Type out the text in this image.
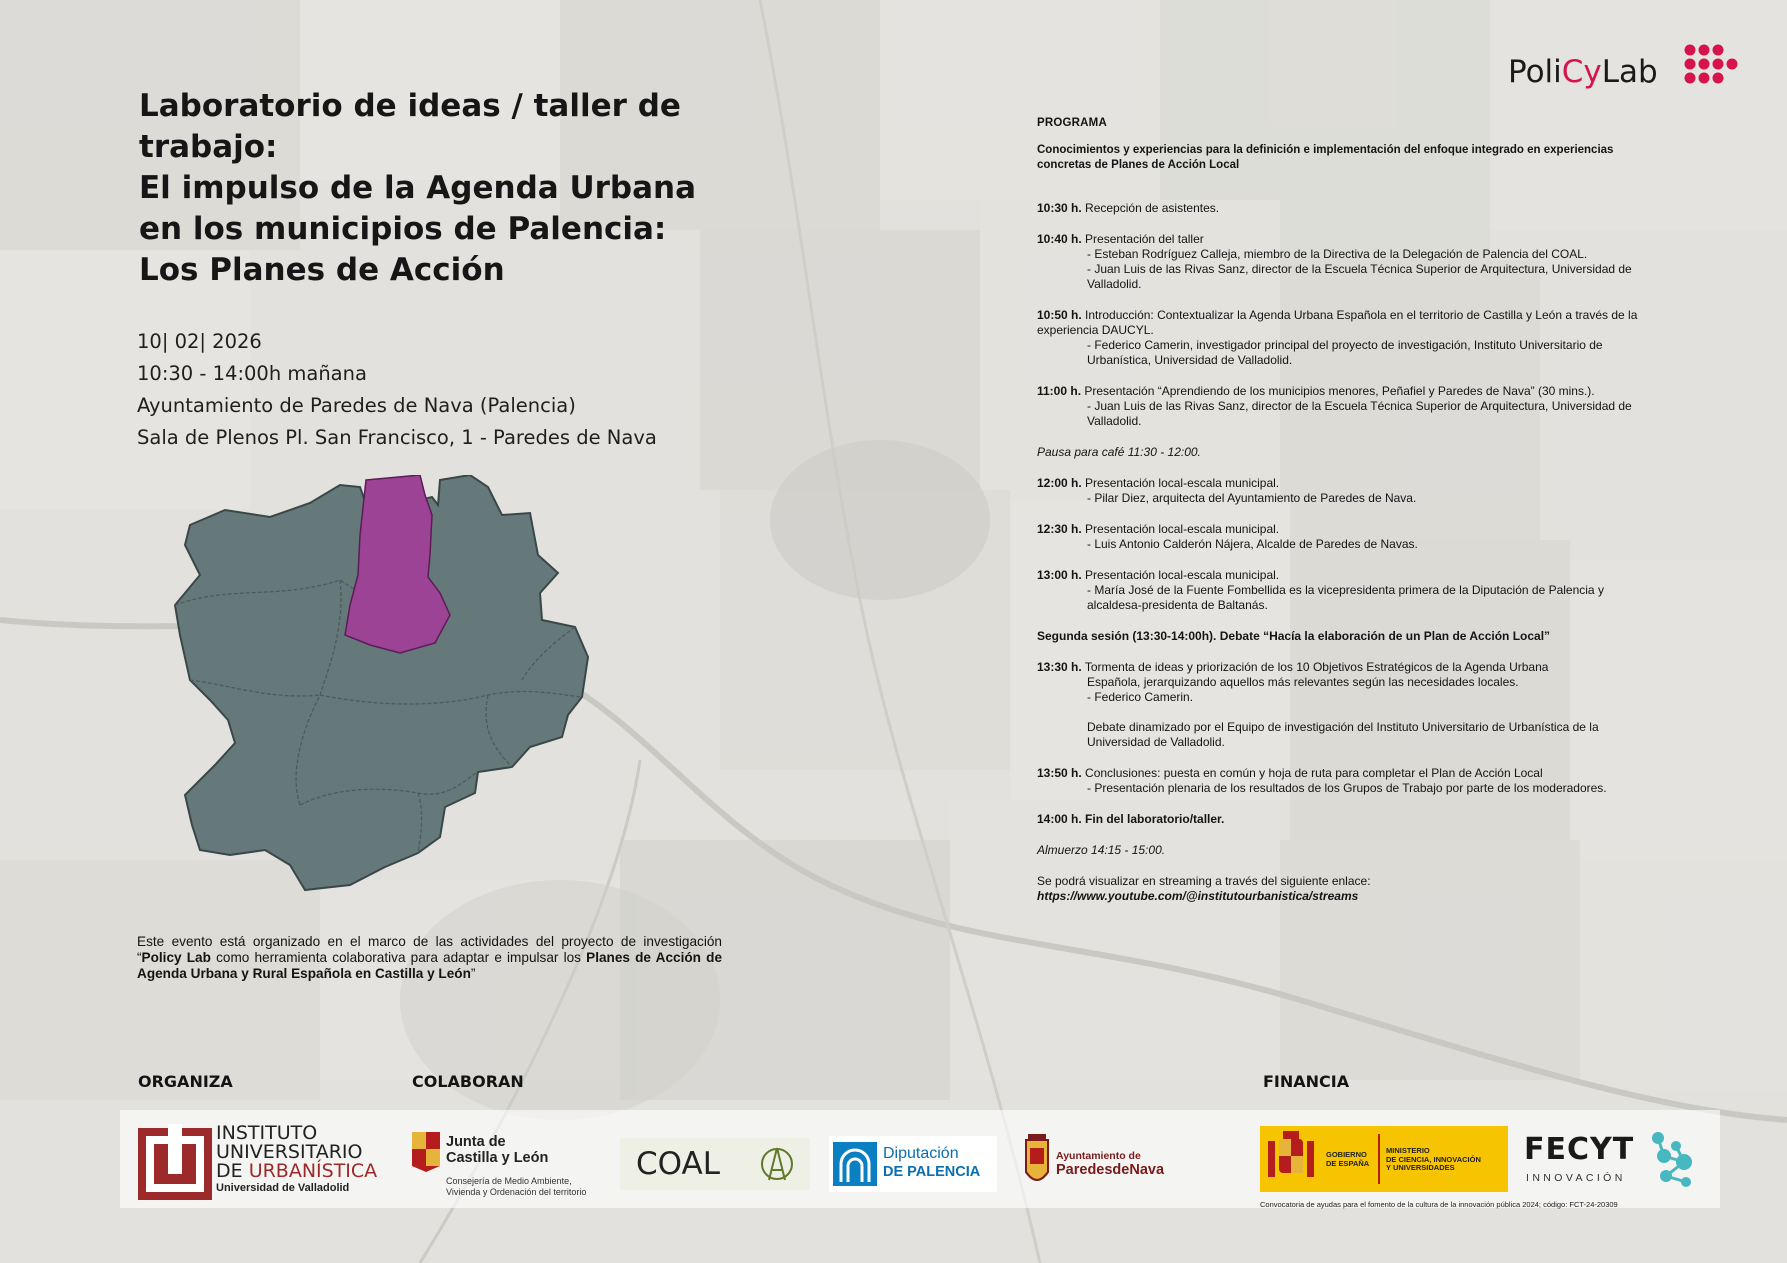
Laboratorio de ideas / taller de
trabajo:
El impulso de la Agenda Urbana
en los municipios de Palencia:
Los Planes de Acción
10| 02| 2026
10:30 - 14:00h mañana
Ayuntamiento de Paredes de Nava (Palencia)
Sala de Plenos Pl. San Francisco, 1 - Paredes de Nava
Este evento está organizado en el marco de las actividades del proyecto de investigación “Policy Lab como herramienta colaborativa para adaptar e impulsar los Planes de Acción de Agenda Urbana y Rural Española en Castilla y León”
PoliCyLab
PROGRAMA
Conocimientos y experiencias para la definición e implementación del enfoque integrado en experiencias concretas de Planes de Acción Local
10:30 h. Recepción de asistentes.
10:40 h. Presentación del taller
- Esteban Rodríguez Calleja, miembro de la Directiva de la Delegación de Palencia del COAL.
- Juan Luis de las Rivas Sanz, director de la Escuela Técnica Superior de Arquitectura, Universidad de Valladolid.
10:50 h. Introducción: Contextualizar la Agenda Urbana Española en el territorio de Castilla y León a través de la experiencia DAUCYL.
- Federico Camerin, investigador principal del proyecto de investigación, Instituto Universitario de Urbanística, Universidad de Valladolid.
11:00 h. Presentación “Aprendiendo de los municipios menores, Peñafiel y Paredes de Nava” (30 mins.).
- Juan Luis de las Rivas Sanz, director de la Escuela Técnica Superior de Arquitectura, Universidad de Valladolid.
Pausa para café 11:30 - 12:00.
12:00 h. Presentación local-escala municipal.
- Pilar Diez, arquitecta del Ayuntamiento de Paredes de Nava.
12:30 h. Presentación local-escala municipal.
- Luis Antonio Calderón Nájera, Alcalde de Paredes de Navas.
13:00 h. Presentación local-escala municipal.
- María José de la Fuente Fombellida es la vicepresidenta primera de la Diputación de Palencia y alcaldesa-presidenta de Baltanás.
Segunda sesión (13:30-14:00h). Debate “Hacía la elaboración de un Plan de Acción Local”
13:30 h. Tormenta de ideas y priorización de los 10 Objetivos Estratégicos de la Agenda Urbana
Española, jerarquizando aquellos más relevantes según las necesidades locales.
- Federico Camerin.
Debate dinamizado por el Equipo de investigación del Instituto Universitario de Urbanística de la Universidad de Valladolid.
13:50 h. Conclusiones: puesta en común y hoja de ruta para completar el Plan de Acción Local
- Presentación plenaria de los resultados de los Grupos de Trabajo por parte de los moderadores.
14:00 h. Fin del laboratorio/taller.
Almuerzo 14:15 - 15:00.
Se podrá visualizar en streaming a través del siguiente enlace:
https://www.youtube.com/@institutourbanistica/streams
ORGANIZA	COLABORAN	FINANCIA
INSTITUTO
UNIVERSITARIO
DE URBANÍSTICA
Universidad de Valladolid
Junta de
Castilla y León
Consejería de Medio Ambiente,
Vivienda y Ordenación del territorio
COAL	Diputación
DE PALENCIA
Ayuntamiento de
ParedesdeNava
GOBIERNO
DE ESPAÑA
MINISTERIO
DE CIENCIA, INNOVACIÓN
Y UNIVERSIDADES
FECYT
INNOVACIÓN
Convocatoria de ayudas para el fomento de la cultura de la innovación pública 2024; código: FCT-24-20309
